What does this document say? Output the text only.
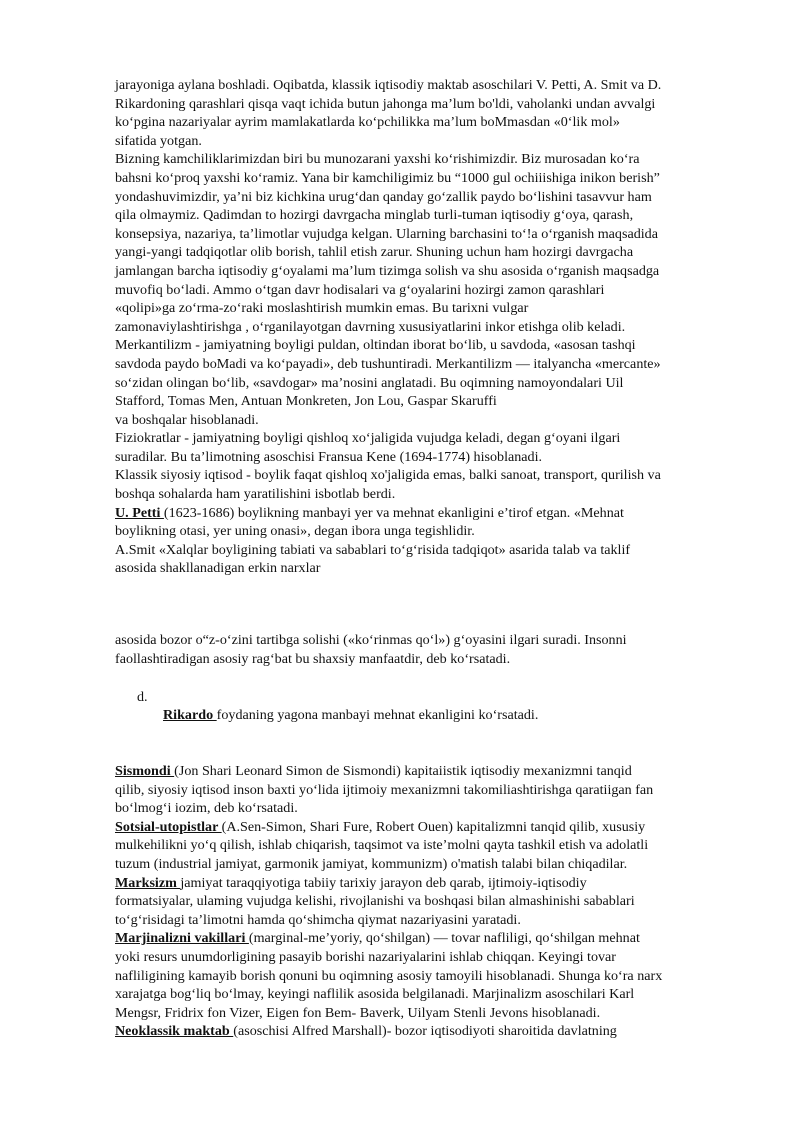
jarayoniga aylana boshladi. Oqibatda, klassik iqtisodiy maktab asoschilari V. Petti, A. Smit va D.
Rikardoning qarashlari qisqa vaqt ichida butun jahonga ma’lum bo'ldi, vaholanki undan avvalgi
ko‘pgina nazariyalar ayrim mamlakatlarda ko‘pchilikka ma’lum boMmasdan «0‘lik mol»
sifatida yotgan.
Bizning kamchiliklarimizdan biri bu munozarani yaxshi ko‘rishimizdir. Biz murosadan ko‘ra
bahsni ko‘proq yaxshi ko‘ramiz. Yana bir kamchiligimiz bu “1000 gul ochiiishiga inikon berish”
yondashuvimizdir, ya’ni biz kichkina urug‘dan qanday go‘zallik paydo bo‘lishini tasavvur ham
qila olmaymiz. Qadimdan to hozirgi davrgacha minglab turli-tuman iqtisodiy g‘oya, qarash,
konsepsiya, nazariya, ta’limotlar vujudga kelgan. Ularning barchasini to‘!a o‘rganish maqsadida
yangi-yangi tadqiqotlar olib borish, tahlil etish zarur. Shuning uchun ham hozirgi davrgacha
jamlangan barcha iqtisodiy g‘oyalami ma’lum tizimga solish va shu asosida o‘rganish maqsadga
muvofiq bo‘ladi. Ammo o‘tgan davr hodisalari va g‘oyalarini hozirgi zamon qarashlari
«qolipi»ga zo‘rma-zo‘raki moslashtirish mumkin emas. Bu tarixni vulgar
zamonaviylashtirishga , o‘rganilayotgan davrning xususiyatlarini inkor etishga olib keladi.
Merkantilizm - jamiyatning boyligi puldan, oltindan iborat bo‘lib, u savdoda, «asosan tashqi
savdoda paydo boMadi va ko‘payadi», deb tushuntiradi. Merkantilizm — italyancha «mercante»
so‘zidan olingan bo‘lib, «savdogar» ma’nosini anglatadi. Bu oqimning namoyondalari Uil
Stafford, Tomas Men, Antuan Monkreten, Jon Lou, Gaspar Skaruffi
va boshqalar hisoblanadi.
Fiziokratlar - jamiyatning boyligi qishloq xo‘jaligida vujudga keladi, degan g‘oyani ilgari
suradilar. Bu ta’limotning asoschisi Fransua Kene (1694-1774) hisoblanadi.
Klassik siyosiy iqtisod - boylik faqat qishloq xo'jaligida emas, balki sanoat, transport, qurilish va
boshqa sohalarda ham yaratilishini isbotlab berdi.
U. Petti (1623-1686) boylikning manbayi yer va mehnat ekanligini e’tirof etgan. «Mehnat
boylikning otasi, yer uning onasi», degan ibora unga tegishlidir.
A.Smit «Xalqlar boyligining tabiati va sabablari to‘g‘risida tadqiqot» asarida talab va taklif
asosida shakllanadigan erkin narxlar
asosida bozor o“z-o‘zini tartibga solishi («ko‘rinmas qo‘l») g‘oyasini ilgari suradi. Insonni
faollashtiradigan asosiy rag‘bat bu shaxsiy manfaatdir, deb ko‘rsatadi.
d.
Rikardo foydaning yagona manbayi mehnat ekanligini ko‘rsatadi.
Sismondi (Jon Shari Leonard Simon de Sismondi) kapitaiistik iqtisodiy mexanizmni tanqid
qilib, siyosiy iqtisod inson baxti yo‘lida ijtimoiy mexanizmni takomiliashtirishga qaratiigan fan
bo‘lmog‘i iozim, deb ko‘rsatadi.
Sotsial-utopistlar (A.Sen-Simon, Shari Fure, Robert Ouen) kapitalizmni tanqid qilib, xususiy
mulkehilikni yo‘q qilish, ishlab chiqarish, taqsimot va iste’molni qayta tashkil etish va adolatli
tuzum (industrial jamiyat, garmonik jamiyat, kommunizm) o'matish talabi bilan chiqadilar.
Marksizm jamiyat taraqqiyotiga tabiiy tarixiy jarayon deb qarab, ijtimoiy-iqtisodiy
formatsiyalar, ulaming vujudga kelishi, rivojlanishi va boshqasi bilan almashinishi sabablari
to‘g‘risidagi ta’limotni hamda qo‘shimcha qiymat nazariyasini yaratadi.
Marjinalizni vakillari (marginal-me’yoriy, qo‘shilgan) — tovar nafliligi, qo‘shilgan mehnat
yoki resurs unumdorligining pasayib borishi nazariyalarini ishlab chiqqan. Keyingi tovar
nafliligining kamayib borish qonuni bu oqimning asosiy tamoyili hisoblanadi. Shunga ko‘ra narx
xarajatga bog‘liq bo‘lmay, keyingi naflilik asosida belgilanadi. Marjinalizm asoschilari Karl
Mengsr, Fridrix fon Vizer, Eigen fon Bem- Baverk, Uilyam Stenli Jevons hisoblanadi.
Neoklassik maktab (asoschisi Alfred Marshall)- bozor iqtisodiyoti sharoitida davlatning
